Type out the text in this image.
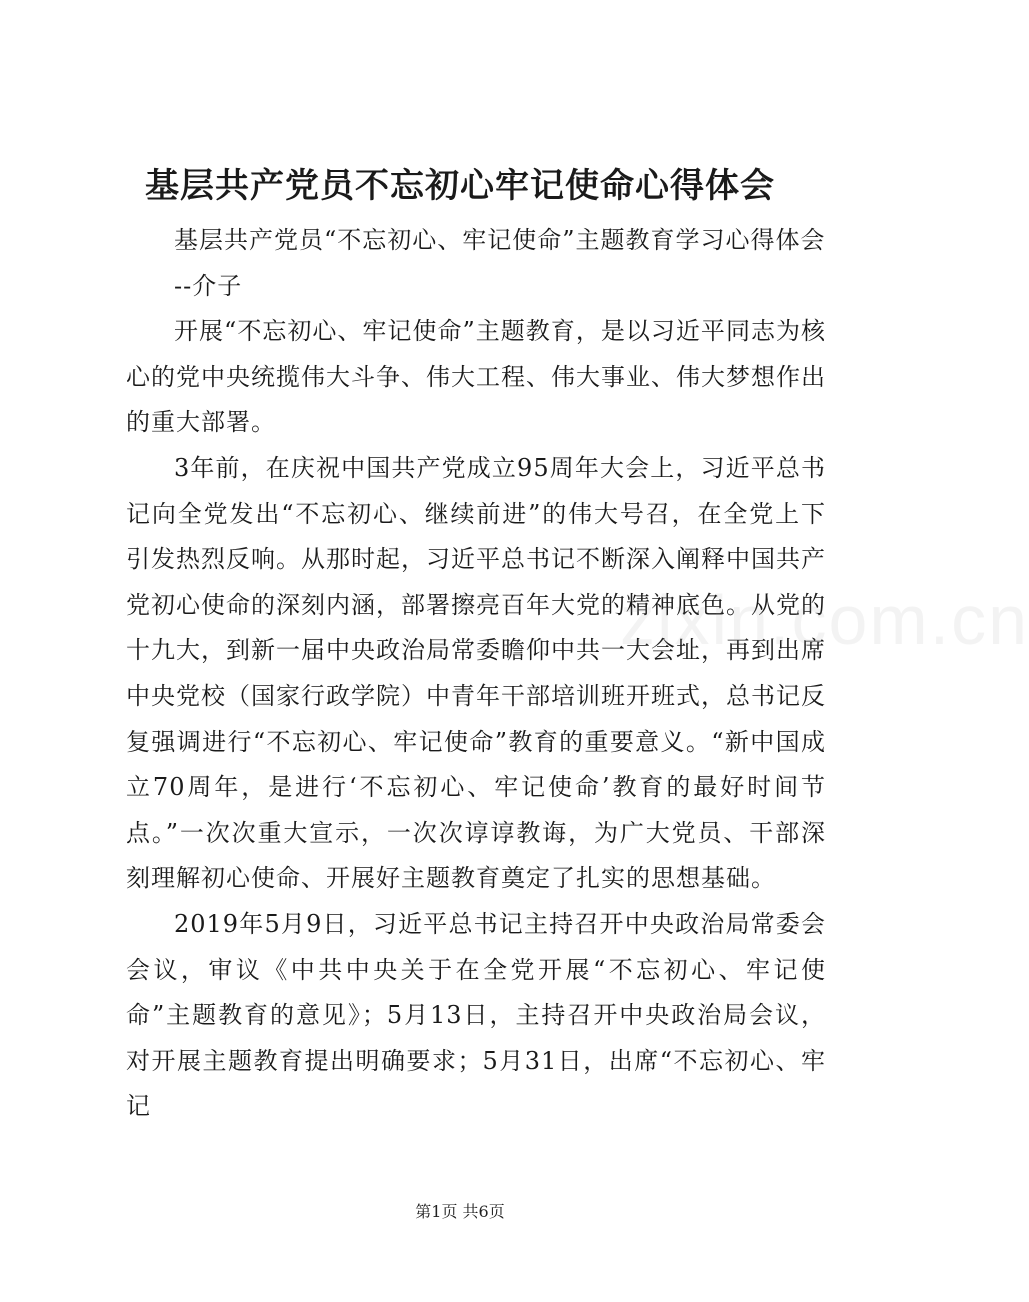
基层共产党员不忘初心牢记使命心得体会

基层共产党员“不忘初心、牢记使命”主题教育学习心得体会

--介子

开展“不忘初心、牢记使命”主题教育，是以习近平同志为核心的党中央统揽伟大斗争、伟大工程、伟大事业、伟大梦想作出的重大部署。

3年前，在庆祝中国共产党成立95周年大会上，习近平总书记向全党发出“不忘初心、继续前进”的伟大号召，在全党上下引发热烈反响。从那时起，习近平总书记不断深入阐释中国共产党初心使命的深刻内涵，部署擦亮百年大党的精神底色。从党的十九大，到新一届中央政治局常委瞻仰中共一大会址，再到出席中央党校（国家行政学院）中青年干部培训班开班式，总书记反复强调进行“不忘初心、牢记使命”教育的重要意义。“新中国成立70周年，是进行‘不忘初心、牢记使命’教育的最好时间节点。”一次次重大宣示，一次次谆谆教诲，为广大党员、干部深刻理解初心使命、开展好主题教育奠定了扎实的思想基础。

2019年5月9日，习近平总书记主持召开中央政治局常委会会议，审议《中共中央关于在全党开展“不忘初心、牢记使命”主题教育的意见》；5月13日，主持召开中央政治局会议，对开展主题教育提出明确要求；5月31日，出席“不忘初心、牢记

zixin.com.cn
第1页 共6页
